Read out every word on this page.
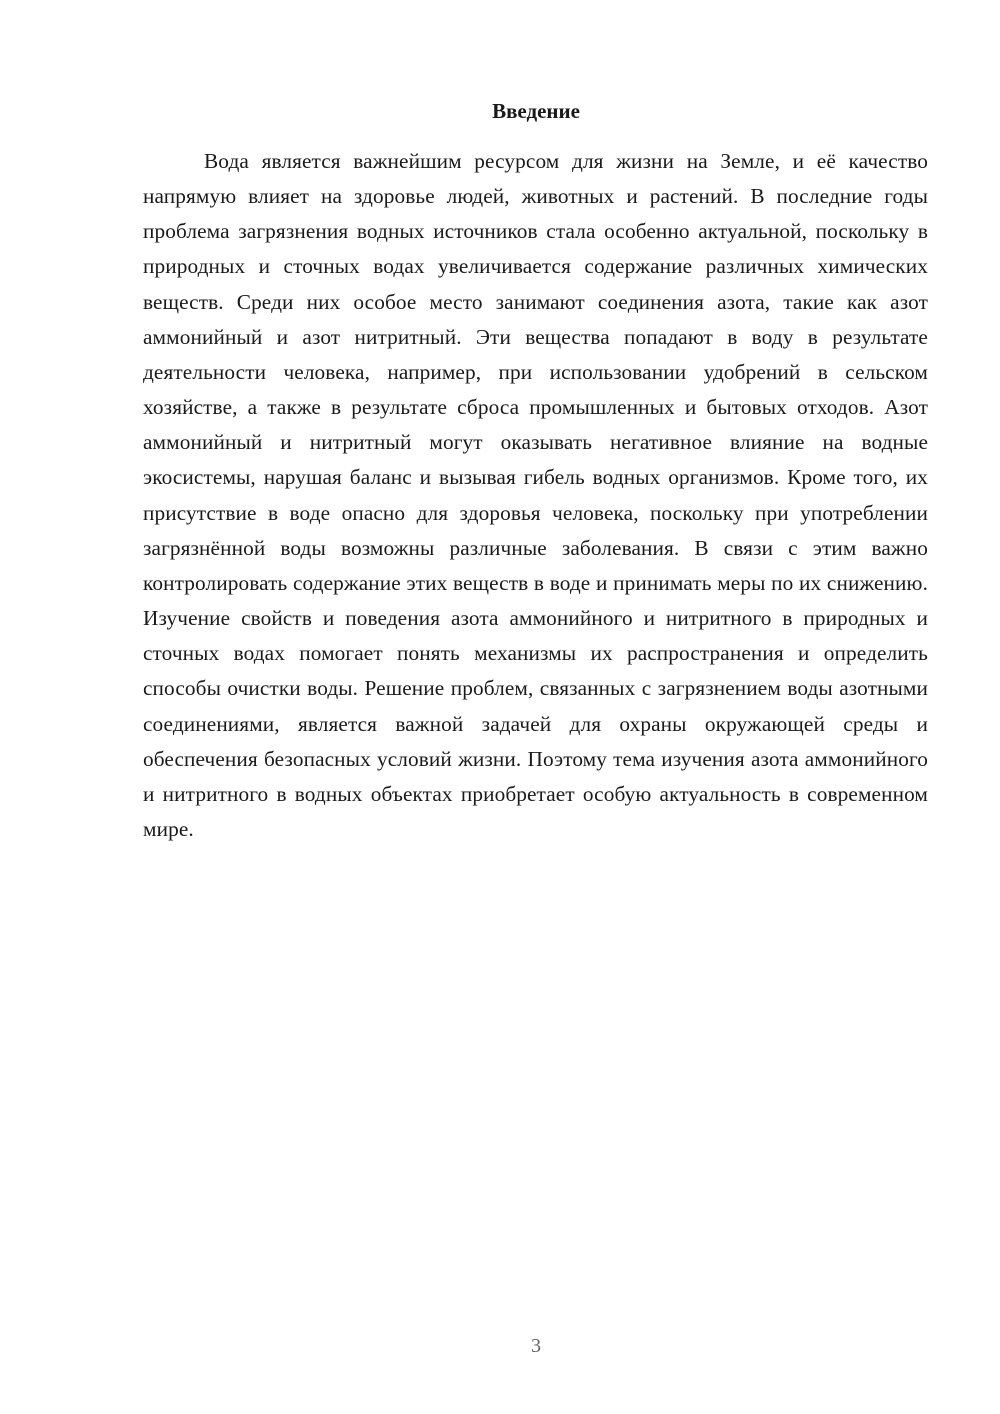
Введение

Вода является важнейшим ресурсом для жизни на Земле, и её качество напрямую влияет на здоровье людей, животных и растений. В последние годы проблема загрязнения водных источников стала особенно актуальной, поскольку в природных и сточных водах увеличивается содержание различных химических веществ. Среди них особое место занимают соединения азота, такие как азот аммонийный и азот нитритный. Эти вещества попадают в воду в результате деятельности человека, например, при использовании удобрений в сельском хозяйстве, а также в результате сброса промышленных и бытовых отходов. Азот аммонийный и нитритный могут оказывать негативное влияние на водные экосистемы, нарушая баланс и вызывая гибель водных организмов. Кроме того, их присутствие в воде опасно для здоровья человека, поскольку при употреблении загрязнённой воды возможны различные заболевания. В связи с этим важно контролировать содержание этих веществ в воде и принимать меры по их снижению. Изучение свойств и поведения азота аммонийного и нитритного в природных и сточных водах помогает понять механизмы их распространения и определить способы очистки воды. Решение проблем, связанных с загрязнением воды азотными соединениями, является важной задачей для охраны окружающей среды и обеспечения безопасных условий жизни. Поэтому тема изучения азота аммонийного и нитритного в водных объектах приобретает особую актуальность в современном мире.

3
